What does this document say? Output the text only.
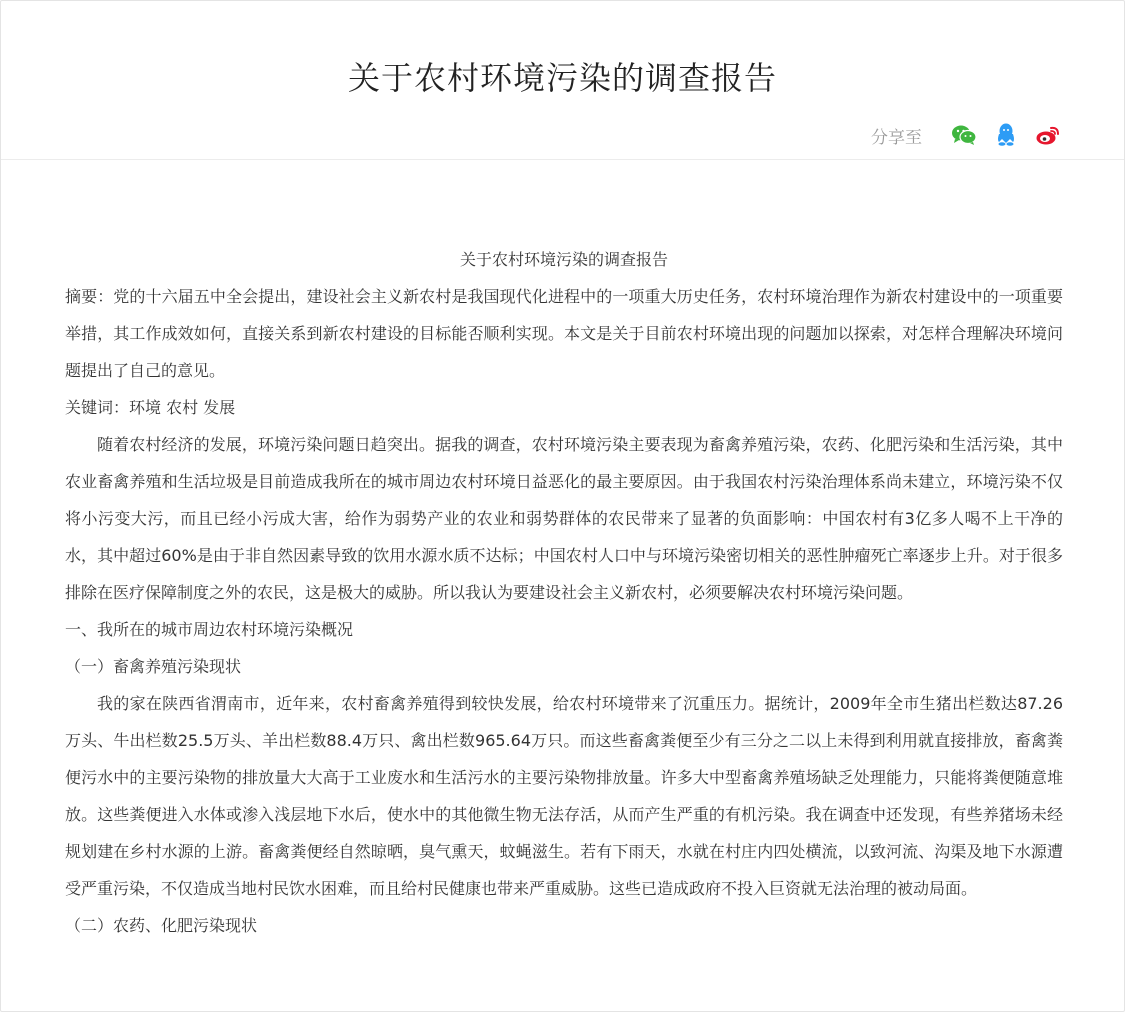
关于农村环境污染的调查报告
分享至

关于农村环境污染的调查报告

摘要：党的十六届五中全会提出，建设社会主义新农村是我国现代化进程中的一项重大历史任务，农村环境治理作为新农村建设中的一项重要举措，其工作成效如何，直接关系到新农村建设的目标能否顺利实现。本文是关于目前农村环境出现的问题加以探索，对怎样合理解决环境问题提出了自己的意见。

关键词：环境 农村 发展

随着农村经济的发展，环境污染问题日趋突出。据我的调查，农村环境污染主要表现为畜禽养殖污染，农药、化肥污染和生活污染，其中农业畜禽养殖和生活垃圾是目前造成我所在的城市周边农村环境日益恶化的最主要原因。由于我国农村污染治理体系尚未建立，环境污染不仅将小污变大污，而且已经小污成大害，给作为弱势产业的农业和弱势群体的农民带来了显著的负面影响：中国农村有3亿多人喝不上干净的水，其中超过60%是由于非自然因素导致的饮用水源水质不达标；中国农村人口中与环境污染密切相关的恶性肿瘤死亡率逐步上升。对于很多排除在医疗保障制度之外的农民，这是极大的威胁。所以我认为要建设社会主义新农村，必须要解决农村环境污染问题。

一、我所在的城市周边农村环境污染概况

（一）畜禽养殖污染现状

我的家在陕西省渭南市，近年来，农村畜禽养殖得到较快发展，给农村环境带来了沉重压力。据统计，2009年全市生猪出栏数达87.26万头、牛出栏数25.5万头、羊出栏数88.4万只、禽出栏数965.64万只。而这些畜禽粪便至少有三分之二以上未得到利用就直接排放，畜禽粪便污水中的主要污染物的排放量大大高于工业废水和生活污水的主要污染物排放量。许多大中型畜禽养殖场缺乏处理能力，只能将粪便随意堆放。这些粪便进入水体或渗入浅层地下水后，使水中的其他微生物无法存活，从而产生严重的有机污染。我在调查中还发现，有些养猪场未经规划建在乡村水源的上游。畜禽粪便经自然晾晒，臭气熏天，蚊蝇滋生。若有下雨天，水就在村庄内四处横流，以致河流、沟渠及地下水源遭受严重污染，不仅造成当地村民饮水困难，而且给村民健康也带来严重威胁。这些已造成政府不投入巨资就无法治理的被动局面。

（二）农药、化肥污染现状
